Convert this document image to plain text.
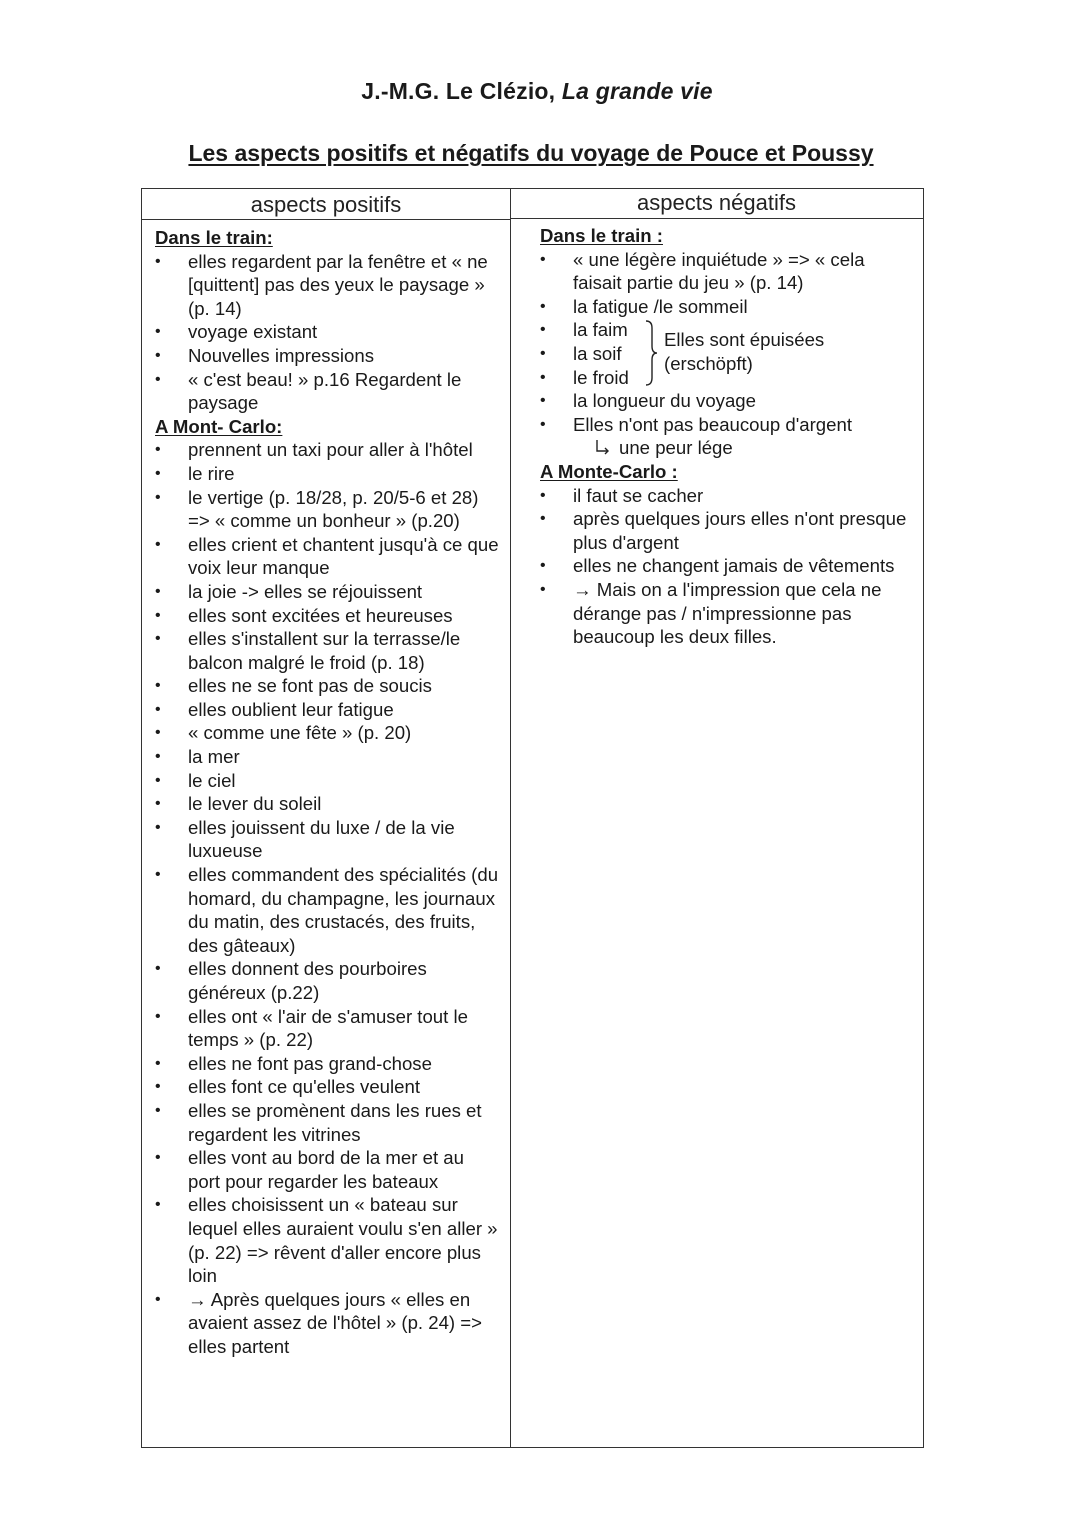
J.-M.G. Le Clézio, La grande vie
Les aspects positifs et négatifs du voyage de Pouce et Poussy
aspects positifs	aspects négatifs
Dans le train:
• elles regardent par la fenêtre et « ne [quittent] pas des yeux le paysage » (p. 14)
• voyage existant
• Nouvelles impressions
• « c'est beau! » p.16 Regardent le paysage
A Mont- Carlo:
• prennent un taxi pour aller à l'hôtel
• le rire
• le vertige (p. 18/28, p. 20/5-6 et 28) => « comme un bonheur » (p.20)
• elles crient et chantent jusqu'à ce que voix leur manque
• la joie -> elles se réjouissent
• elles sont excitées et heureuses
• elles s'installent sur la terrasse/le balcon malgré le froid (p. 18)
• elles ne se font pas de soucis
• elles oublient leur fatigue
• « comme une fête » (p. 20)
• la mer
• le ciel
• le lever du soleil
• elles jouissent du luxe / de la vie luxueuse
• elles commandent des spécialités (du homard, du champagne, les journaux du matin, des crustacés, des fruits, des gâteaux)
• elles donnent des pourboires généreux (p.22)
• elles ont « l'air de s'amuser tout le temps » (p. 22)
• elles ne font pas grand-chose
• elles font ce qu'elles veulent
• elles se promènent dans les rues et regardent les vitrines
• elles vont au bord de la mer et au port pour regarder les bateaux
• elles choisissent un « bateau sur lequel elles auraient voulu s'en aller » (p. 22) => rêvent d'aller encore plus loin
• → Après quelques jours « elles en avaient assez de l'hôtel » (p. 24) => elles partent
Dans le train :
• « une légère inquiétude » => « cela faisait partie du jeu » (p. 14)
• la fatigue /le sommeil
• la faim
• la soif
• le froid
Elles sont épuisées
(erschöpft)
• la longueur du voyage
• Elles n'ont pas beaucoup d'argent
une peur lége
A Monte-Carlo :
• il faut se cacher
• après quelques jours elles n'ont presque plus d'argent
• elles ne changent jamais de vêtements
• → Mais on a l'impression que cela ne dérange pas / n'impressionne pas beaucoup les deux filles.
